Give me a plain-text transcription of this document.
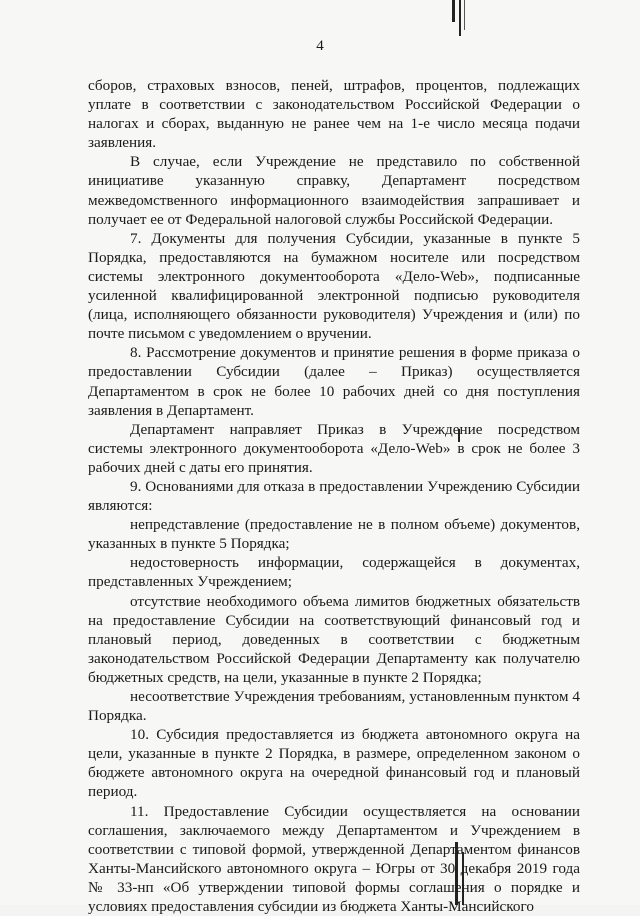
4

сборов, страховых взносов, пеней, штрафов, процентов, подлежащих уплате в соответствии с законодательством Российской Федерации о налогах и сборах, выданную не ранее чем на 1-е число месяца подачи заявления.

В случае, если Учреждение не представило по собственной инициативе указанную справку, Департамент посредством межведомственного информационного взаимодействия запрашивает и получает ее от Федеральной налоговой службы Российской Федерации.

7. Документы для получения Субсидии, указанные в пункте 5 Порядка, предоставляются на бумажном носителе или посредством системы электронного документооборота «Дело-Web», подписанные усиленной квалифицированной электронной подписью руководителя (лица, исполняющего обязанности руководителя) Учреждения и (или) по почте письмом с уведомлением о вручении.

8. Рассмотрение документов и принятие решения в форме приказа о предоставлении Субсидии (далее – Приказ) осуществляется Департаментом в срок не более 10 рабочих дней со дня поступления заявления в Департамент.

Департамент направляет Приказ в Учреждение посредством системы электронного документооборота «Дело-Web» в срок не более 3 рабочих дней с даты его принятия.

9. Основаниями для отказа в предоставлении Учреждению Субсидии являются:

непредставление (предоставление не в полном объеме) документов, указанных в пункте 5 Порядка;

недостоверность информации, содержащейся в документах, представленных Учреждением;

отсутствие необходимого объема лимитов бюджетных обязательств на предоставление Субсидии на соответствующий финансовый год и плановый период, доведенных в соответствии с бюджетным законодательством Российской Федерации Департаменту как получателю бюджетных средств, на цели, указанные в пункте 2 Порядка;

несоответствие Учреждения требованиям, установленным пунктом 4 Порядка.

10. Субсидия предоставляется из бюджета автономного округа на цели, указанные в пункте 2 Порядка, в размере, определенном законом о бюджете автономного округа на очередной финансовый год и плановый период.

11. Предоставление Субсидии осуществляется на основании соглашения, заключаемого между Департаментом и Учреждением в соответствии с типовой формой, утвержденной Департаментом финансов Ханты-Мансийского автономного округа – Югры от 30 декабря 2019 года № 33-нп «Об утверждении типовой формы соглашения о порядке и условиях предоставления субсидии из бюджета Ханты-Мансийского
